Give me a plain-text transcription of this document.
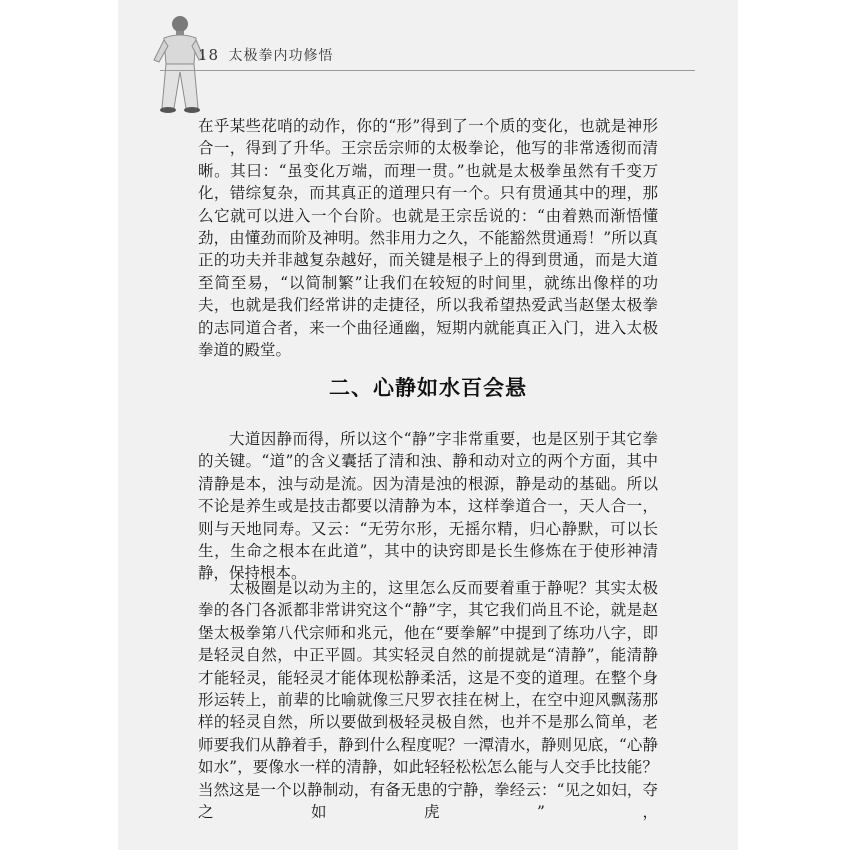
18 太极拳内功修悟

在乎某些花哨的动作，你的“形”得到了一个质的变化，也就是神形合一，得到了升华。王宗岳宗师的太极拳论，他写的非常透彻而清晰。其曰：“虽变化万端，而理一贯。”也就是太极拳虽然有千变万化，错综复杂，而其真正的道理只有一个。只有贯通其中的理，那么它就可以进入一个台阶。也就是王宗岳说的：“由着熟而渐悟懂劲，由懂劲而阶及神明。然非用力之久，不能豁然贯通焉！”所以真正的功夫并非越复杂越好，而关键是根子上的得到贯通，而是大道至简至易，“以简制繁”让我们在较短的时间里，就练出像样的功夫，也就是我们经常讲的走捷径，所以我希望热爱武当赵堡太极拳的志同道合者，来一个曲径通幽，短期内就能真正入门，进入太极拳道的殿堂。

二、心静如水百会悬

大道因静而得，所以这个“静”字非常重要，也是区别于其它拳的关键。“道”的含义囊括了清和浊、静和动对立的两个方面，其中清静是本，浊与动是流。因为清是浊的根源，静是动的基础。所以不论是养生或是技击都要以清静为本，这样拳道合一，天人合一，则与天地同寿。又云：“无劳尔形，无摇尔精，归心静默，可以长生，生命之根本在此道”，其中的诀窍即是长生修炼在于使形神清静，保持根本。

太极圈是以动为主的，这里怎么反而要着重于静呢？其实太极拳的各门各派都非常讲究这个“静”字，其它我们尚且不论，就是赵堡太极拳第八代宗师和兆元，他在“要拳解”中提到了练功八字，即是轻灵自然，中正平圆。其实轻灵自然的前提就是“清静”，能清静才能轻灵，能轻灵才能体现松静柔活，这是不变的道理。在整个身形运转上，前辈的比喻就像三尺罗衣挂在树上，在空中迎风飘荡那样的轻灵自然，所以要做到极轻灵极自然，也并不是那么简单，老师要我们从静着手，静到什么程度呢？一潭清水，静则见底，“心静如水”，要像水一样的清静，如此轻轻松松怎么能与人交手比技能？当然这是一个以静制动，有备无患的宁静，拳经云：“见之如妇，夺之如虎”，
